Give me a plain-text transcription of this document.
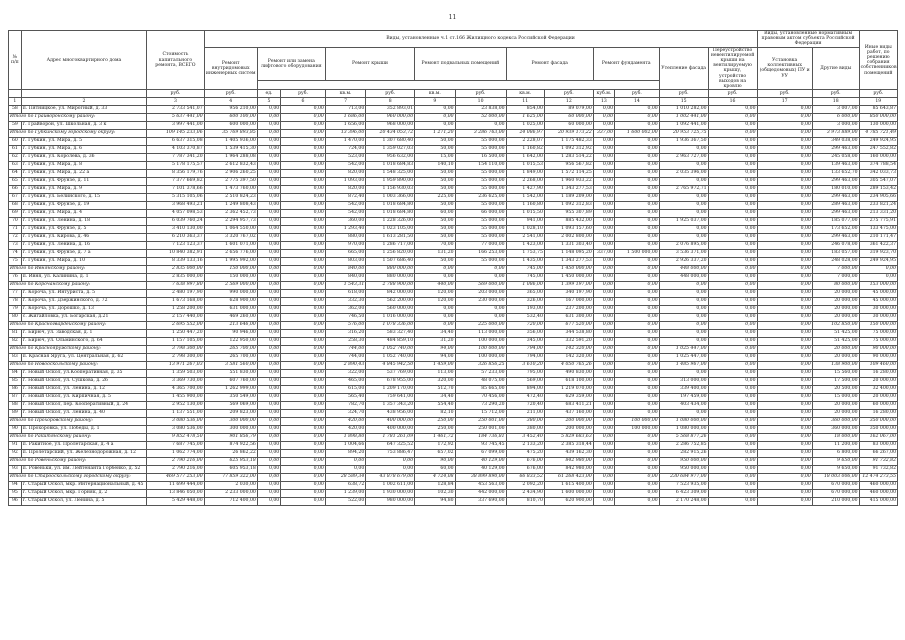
11
№ п/п	Адрес многоквартирного дома	Стоимость капитального ремонта, ВСЕГО	Виды, установленные ч.1 ст.166 Жилищного кодекса Российской Федерации													Виды, установленные нормативным правовым актом субъекта Российской Федерации		Иные виды работ, по решению собрания собственников помещений
			Ремонт внутридомовых инженерных систем	Ремонт или замена лифтового оборудования		Ремонт крыши		Ремонт подвальных помещений		Ремонт фасада		Ремонт фундамента		Утепление фасада	Переустройство невентилируемой крыши на вентилируемую крышу, устройство выходов на кровлю	Установка коллективных (общедомовых) ПУ и УУ	Другие виды	

		руб.	руб.	ед.	руб.	кв.м.	руб.	кв.м.	руб.	кв.м.	руб.	куб.м.	руб.	руб.	руб.	руб.	руб.	руб.
1	2	3	4	5	6	7	8	9	10	11	12	13	14	15	16	17	18	19
58	п. Пятницкое, ул. Мирогный, д. 33	2 733 541,07	956 210,00	0,00	0,00	713,00	352 893,01	0,00	23 838,00	854,00	89 079,00	0,00	0,00	1 010 282,00	0,00	0,00	3 007,00	85 643,87
Итого по Грайворонскому району:		5 637 441,00	600 100,00	0,00	0,00	1 686,00	960 000,00	0,00	52 000,00	1 625,00	60 000,00	0,00	0,00	1 002 441,00	0,00	0,00	6 000,00	850 000,00
59	г. Грайворон, ул. Школьная, д. 3 к	3 997 441,00	600 000,00	0,00	0,00	1 656,00	968 000,00	0,00	0,00	1 025,00	60 000,00	0,00	0,00	1 092 441,00	0,00	0,00	3 000,00	130 000,00
Итого по Губкинскому городскому округу:		109 145 233,06	35 769 893,85	0,00	0,00	13 396,00	20 434 053,72	1 271,20	3 286 763,00	24 086,97	20 939 173,22	337,00	1 600 002,00	20 953 725,75	0,00	0,00	3 973 889,00	4 785 721,49
60	г. Губкин, ул. Мира, д. 5	6 637 315,08	1 405 936,00	0,00	0,00	1 470,00	1 307 680,40	50,00	55 000,00	2 228,07	1 175 482,33	0,00	0,00	1 936 367,50	0,00	0,00	349 038,00	249 924,95
61	г. Губкин, ул. Мира, д. 6	4 103 370,87	1 539 415,30	0,00	0,00	724,00	1 359 027,03	50,00	55 000,00	1 160,82	1 092 312,92	0,00	0,00	0,00	0,00	0,00	299 463,00	247 552,82
62	г. Губкин, ул. Королева, д. 36	7 787 341,20	1 964 288,08	0,00	0,00	523,00	956 632,00	15,00	16 500,00	1 642,00	1 283 514,22	0,00	0,00	2 963 727,00	0,00	0,00	245 058,00	160 000,00
63	г. Губкин, ул. Мира, д. 8	5 178 175,57	2 612 832,43	0,00	0,00	542,00	1 018 684,83	140,10	154 110,00	1 015,53	956 567,82	0,00	0,00	0,00	0,00	0,00	139 463,00	374 788,54
64	г. Губкин, ул. Мира, д. 22 а	8 356 179,76	2 906 260,25	0,00	0,00	820,00	1 548 325,00	50,00	55 000,00	1 849,00	1 572 114,25	0,00	0,00	2 035 396,00	0,00	0,00	133 652,70	342 033,73
65	г. Губкин, ул. Фрунзе, д. 11	7 377 669,82	2 775 397,50	0,00	0,00	1 093,00	1 959 890,00	50,00	55 000,00	2 268,00	1 960 933,22	0,00	0,00	0,00	0,00	0,00	299 463,00	305 547,07
66	г. Губкин, ул. Мира, д. 9	7 101 378,66	1 473 760,00	0,00	0,00	820,00	1 156 930,03	50,00	55 000,00	1 427,90	1 343 277,53	0,00	0,00	2 765 972,71	0,00	0,00	180 010,00	289 153,42
67	г. Губкин, ул. Белинского, д. 15	5 315 105,06	2 510 824,23	0,00	0,00	872,40	1 003 366,00	225,00	236 625,00	1 542,00	1 189 209,00	0,00	0,00	0,00	0,00	0,00	299 463,00	234 905,66
68	г. Губкин, ул. Фрунзе, д. 19	3 968 493,21	1 249 808,43	0,00	0,00	542,00	1 018 684,80	50,00	55 000,00	1 160,80	1 092 312,83	0,00	0,00	0,00	0,00	0,00	289 463,00	233 821,24
69	г. Губкин, ул. Мира, д. 4	4 057 098,53	2 362 452,73	0,00	0,00	542,00	1 018 684,80	60,00	66 000,00	1 015,50	955 307,89	0,00	0,00	0,00	0,00	0,00	299 463,00	213 331,20
70	г. Губкин, ул. Ленина, д. 18	6 039 760,24	2 294 957,73	0,00	0,00	360,00	1 228 326,00	50,00	55 000,00	941,00	885 432,00	0,00	0,00	1 925 037,00	0,00	0,00	185 077,00	275 775,91
71	г. Губкин, ул. Фрунзе, д. 5	3 410 130,00	1 064 550,00	0,00	0,00	1 293,40	1 023 105,00	50,00	55 000,00	1 028,10	1 093 157,60	0,00	0,00	0,00	0,00	0,00	173 652,00	133 475,00
72	г. Губкин, ул. Кирова, д. 46	6 210 363,37	3 320 767,02	0,00	0,00	880,00	1 613 281,50	50,00	55 000,00	2 541,00	2 002 800,00	0,00	0,00	0,00	0,00	0,00	299 463,00	210 171,47
73	г. Губкин, ул. Ленина, д. 16	7 123 123,37	1 601 071,00	0,00	0,00	970,00	1 286 717,00	70,00	77 000,00	1 423,00	1 331 303,40	0,00	0,00	2 076 895,00	0,00	0,00	246 078,00	361 422,37
74	г. Губкин, ул. Фрунзе, д. 7 а	10 840 382,91	2 656 776,00	0,00	0,00	665,00	1 256 820,00	131,20	166 253,00	1 753,75	1 148 095,20	337,00	1 500 000,00	3 536 371,00	0,00	0,00	183 057,00	319 923,70
75	г. Губкин, ул. Мира, д. 10	8 339 133,16	1 995 992,00	0,00	0,00	803,00	1 507 686,40	50,00	55 000,00	1 435,00	1 343 277,53	0,00	0,00	2 926 337,20	0,00	0,00	248 028,00	249 924,95
Итого по Ивнянскому району:		2 835 000,00	150 000,00	0,00	0,00	840,00	880 000,00	0,00	0,00	745,00	1 450 000,00	0,00	0,00	448 000,00	0,00	0,00	7 000,00	0,00
76	п. Ивня, ул. Калинина, д. 1	2 835 000,00	150 000,00	0,00	0,00	840,00	880 000,00	0,00	0,00	745,00	1 450 000,00	0,00	0,00	448 000,00	0,00	0,00	7 000,00	0,00
Итого по Корочанскому району:		7 638 997,80	2 569 000,00	0,00	0,00	1 543,31	2 788 900,00	440,00	569 000,00	1 086,00	1 399 197,00	0,00	0,00	0,00	0,00	0,00	80 000,00	153 000,00
77	г. Короча, ул. Интуриста, д. 5	2 480 197,90	990 000,00	0,00	0,00	618,00	842 000,00	120,00	203 000,00	365,00	340 197,90	0,00	0,00	0,00	0,00	0,00	20 000,00	45 000,00
78	г. Короча, ул. Дзержинского, д. 72	1 673 168,00	628 900,00	0,00	0,00	332,30	562 200,00	120,00	230 000,00	326,00	167 000,00	0,00	0,00	0,00	0,00	0,00	20 000,00	45 000,00
79	г. Короча, ул. Дорошко, д. 13	1 258 200,00	631 000,00	0,00	0,00	362,00	560 000,00	0,00	0,00	193,00	237 200,00	0,00	0,00	0,00	0,00	0,00	20 000,00	30 000,00
80	с. Жигайловка, ул. Богарская, д.21	2 157 440,00	469 260,00	0,00	0,00	746,50	1 016 000,00	0,00	0,00	532,40	631 300,00	0,00	0,00	0,00	0,00	0,00	20 000,00	30 000,00
Итого по Красногвардейскому району:		2 695 552,00	213 646,00	0,00	0,00	576,00	1 078 336,00	0,00	225 000,00	720,00	677 520,00	0,00	0,00	0,00	0,00	0,00	102 850,00	150 000,00
81	г. Бирюч, ул. Заводская, д. 1	1 250 447,20	90 946,00	0,00	0,00	316,20	583 327,40	34,40	113 000,00	356,00	344 538,80	0,00	0,00	0,00	0,00	0,00	51 425,00	75 000,00
82	г. Бирюч, ул. Ольминского, д. 64	1 157 105,00	122 950,00	0,00	0,00	258,30	484 859,10	31,20	100 000,00	345,00	332 591,20	0,00	0,00	0,00	0,00	0,00	51 425,00	75 000,00
Итого по Краснояружскому району:		3 798 300,00	265 700,00	0,00	0,00	744,00	1 052 740,00	94,00	100 000,00	794,00	142 320,00	0,00	0,00	1 025 447,00	0,00	0,00	20 000,00	90 000,00
83	п. Красная Яруга, ул. Центральная, д. 62	2 798 300,00	265 700,00	0,00	0,00	744,00	1 052 740,00	94,00	100 000,00	794,00	142 320,00	0,00	0,00	1 025 447,00	0,00	0,00	20 000,00	90 000,00
Итого по Новооскольскому району:		13 971 267,03	3 581 560,00	0,00	0,00	2 890,43	4 845 942,50	1 459,00	326 856,25	3 610,20	4 050 765,26	0,00	0,00	1 485 967,00	0,00	0,00	138 900,00	109 460,00
84	г. Новый Оскол, ул.Кооперативная, д. 35	1 359 503,00	551 830,00	0,00	0,00	322,00	537 769,00	113,00	57 233,00	795,00	490 830,00	0,00	0,00	0,00	0,00	0,00	15 560,00	16 280,00
85	г. Новый Оскол, ул. Сушкова, д. 26	3 369 730,00	607 760,00	0,00	0,00	465,00	678 955,00	320,00	48 075,00	569,00	618 100,00	0,00	0,00	313 000,00	0,00	0,00	17 500,00	20 000,00
86	г. Новый Оскол, ул. Ленина, д. 12	4 365 700,00	1 262 999,00	0,00	0,00	615,00	1 209 170,00	512,70	85 665,00	894,00	1 219 070,00	0,00	0,00	339 400,00	0,00	0,00	20 500,00	32 400,00
87	г. Новый Оскол, ул. Кирпичная, д. 5	1 455 900,00	350 549,00	0,00	0,00	565,40	759 641,00	34,40	70 456,00	472,40	629 359,00	0,00	0,00	197 459,00	0,00	0,00	15 000,00	20 000,00
88	г. Новый Оскол, пер. Кооперативный, д. 24	2 952 130,00	569 069,00	0,00	0,00	782,70	1 357 343,20	554,40	73 290,20	720,40	683 411,21	0,00	0,00	403 434,00	0,00	0,00	20 000,00	60 000,00
89	г. Новый Оскол, ул. Ленина, д. 40	1 137 551,00	209 823,00	0,00	0,00	324,70	438 956,00	82,10	15 712,00	211,00	437 160,00	0,00	0,00	0,00	0,00	0,00	20 000,00	16 280,00
Итого по Прохоровскому району:		3 080 536,00	300 000,00	0,00	0,00	420,00	400 000,00	250,00	250 001,00	380,00	200 000,00	0,00	100 000,00	1 080 000,00	0,00	0,00	360 000,00	350 000,00
90	п. Прохоровка, ул. Победы, д. 1	3 080 536,00	300 000,00	0,00	0,00	420,00	400 000,00	250,00	250 001,00	380,00	200 000,00	0,00	100 000,00	1 080 000,00	0,00	0,00	360 000,00	350 000,00
Итого по Ракитянскому району:		9 852 478,50	901 856,79	0,00	0,00	1 898,80	1 781 261,09	1 461,72	184 736,81	3 452,40	5 829 683,63	0,00	0,00	5 568 877,26	0,00	0,00	18 000,00	162 067,00
91	п. Ракитное, ул. Пролетарская, д. 4 а	7 687 745,00	874 922,56	0,00	0,00	1 004,66	647 325,52	172,92	93 745,45	2 133,20	2 385 318,44	0,00	0,00	2 286 752,85	0,00	0,00	11 200,00	83 000,00
92	п. Пролетарский, ул. Железнодорожная, д. 12	1 062 774,00	26 862,22	0,00	0,00	894,20	753 886,47	657,02	67 099,00	475,20	439 162,30	0,00	0,00	282 915,26	0,00	0,00	6 800,00	66 267,00
Итого по Ровеньскому району:		2 790 216,00	625 953,18	0,00	0,00	0,00	0,00	90,00	40 129,00	676,00	842 980,00	0,00	0,00	950 000,00	0,00	0,00	9 650,00	91 732,82
93	п. Ровеньки, ул. им. Лейтенанта Горбенко, д. 52	2 790 216,00	605 953,18	0,00	0,00	0,00	0,00	60,00	40 129,00	676,00	842 980,00	0,00	0,00	950 000,00	0,00	0,00	9 650,00	91 732,82
Итого по Старооскольскому городскому округу:		469 577 253,00	77 859 322,00	0,00	0,00	28 589,34	43 878 679,00	4 724,08	38 899 890,00	66 833,52	61 268 423,00	0,00	0,00	230 684 977,00	0,00	0,00	18 003 006,00	12 474 273,55
94	г. Старый Оскол, мкр. Интернациональный, д. 45	11 699 444,00	2 030,00	0,00	0,00	638,72	1 002 611,00	128,84	453 563,00	2 092,20	1 615 400,00	0,00	0,00	7 523 935,00	0,00	0,00	670 000,00	460 000,00
95	г. Старый Оскол, мкр. Горняк, д. 2	13 846 050,00	2 233 000,00	0,00	0,00	1 239,00	1 930 000,00	102,30	442 000,00	2 434,90	1 600 000,00	0,00	0,00	6 423 309,00	0,00	0,00	670 000,00	460 000,00
96	г. Старый Оскол, ул. Ленина, д. 5	5 429 448,00	712 400,00	0,00	0,00	522,00	980 000,00	94,80	337 690,00	810,70	620 900,00	0,00	0,00	2 170 248,00	0,00	0,00	210 000,00	415 000,00
